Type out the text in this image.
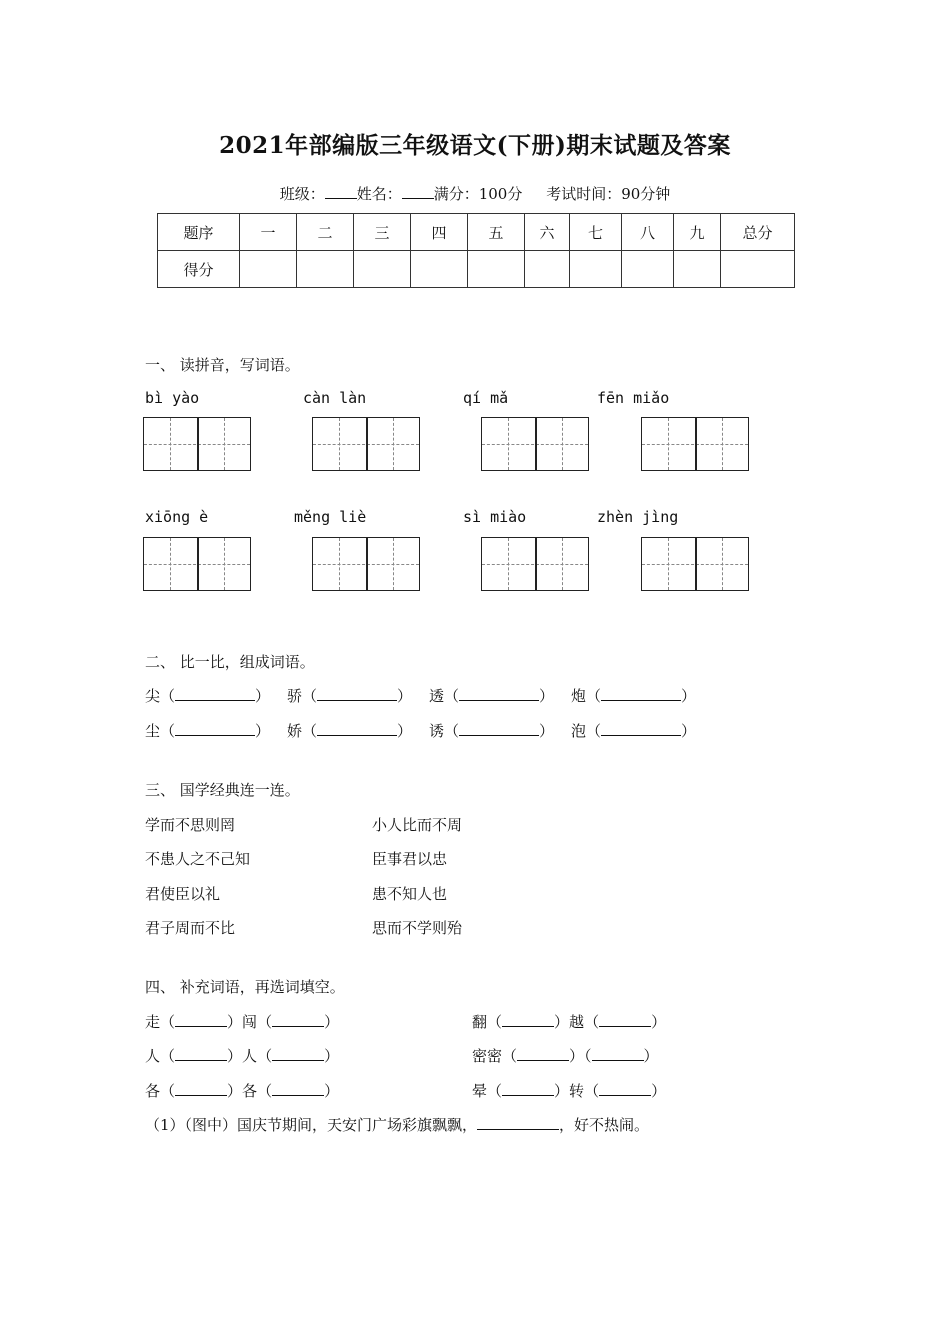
2021年部编版三年级语文(下册)期末试题及答案
班级： 姓名： 满分：100分 考试时间：90分钟
题序	一	二	三	四	五	六	七	八	九	总分
得分										
一、 读拼音，写词语。
bì yào	càn làn	qí mǎ	fēn miǎo
xiōng è	měng liè	sì miào	zhèn jìng
二、 比一比，组成词语。
尖（	） 骄（	） 透（	） 炮（	）
尘（	） 娇（	） 诱（	） 泡（	）
三、 国学经典连一连。
学而不思则罔	小人比而不周
不患人之不己知	臣事君以忠
君使臣以礼	患不知人也
君子周而不比	思而不学则殆
四、 补充词语，再选词填空。
走（	）闯（	）	翻（	）越（	）
人（	）人（	）	密密（	）（	）
各（	）各（	）	晕（	）转（	）
（1）（图中）国庆节期间，天安门广场彩旗飘飘，	，好不热闹。
